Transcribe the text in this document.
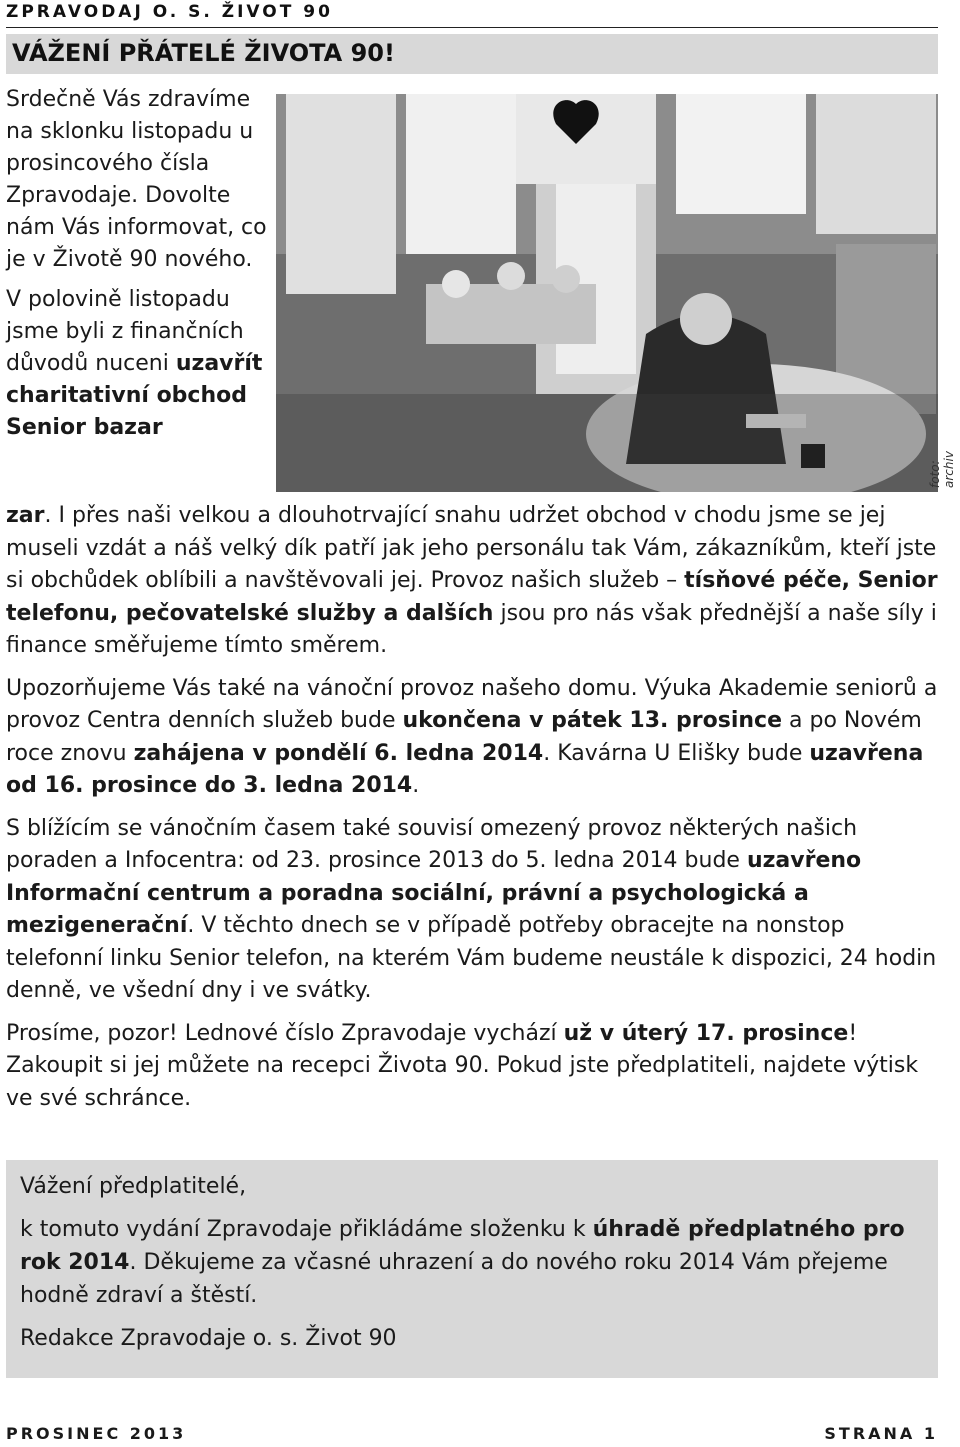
ZPRAVODAJ O. S. ŽIVOT 90
VÁŽENÍ PŘÁTELÉ ŽIVOTA 90!

Srdečně Vás zdravíme na sklonku listopadu u prosincového čísla Zpravodaje. Dovolte nám Vás informovat, co je v Životě 90 nového.

V polovině listopadu jsme byli z finančních důvodů nuceni uzavřít charitativní obchod Senior bazar

foto: archiv

zar. I přes naši velkou a dlouhotrvající snahu udržet obchod v chodu jsme se jej museli vzdát a náš velký dík patří jak jeho personálu tak Vám, zákazníkům, kteří jste si obchůdek oblíbili a navštěvovali jej. Provoz našich služeb – tísňové péče, Senior telefonu, pečovatelské služby a dalších jsou pro nás však přednější a naše síly i finance směřujeme tímto směrem.

Upozorňujeme Vás také na vánoční provoz našeho domu. Výuka Akademie seniorů a provoz Centra denních služeb bude ukončena v pátek 13. prosince a po Novém roce znovu zahájena v pondělí 6. ledna 2014. Kavárna U Elišky bude uzavřena od 16. prosince do 3. ledna 2014.

S blížícím se vánočním časem také souvisí omezený provoz některých našich poraden a Infocentra: od 23. prosince 2013 do 5. ledna 2014 bude uzavřeno Informační centrum a poradna sociální, právní a psychologická a mezigenerační. V těchto dnech se v případě potřeby obracejte na nonstop telefonní linku Senior telefon, na kterém Vám budeme neustále k dispozici, 24 hodin denně, ve všední dny i ve svátky.

Prosíme, pozor! Lednové číslo Zpravodaje vychází už v úterý 17. prosince! Zakoupit si jej můžete na recepci Života 90. Pokud jste předplatiteli, najdete výtisk ve své schránce.

Vážení předplatitelé,

k tomuto vydání Zpravodaje přikládáme složenku k úhradě předplatného pro rok 2014. Děkujeme za včasné uhrazení a do nového roku 2014 Vám přejeme hodně zdraví a štěstí.

Redakce Zpravodaje o. s. Život 90

PROSINEC 2013	STRANA 1
